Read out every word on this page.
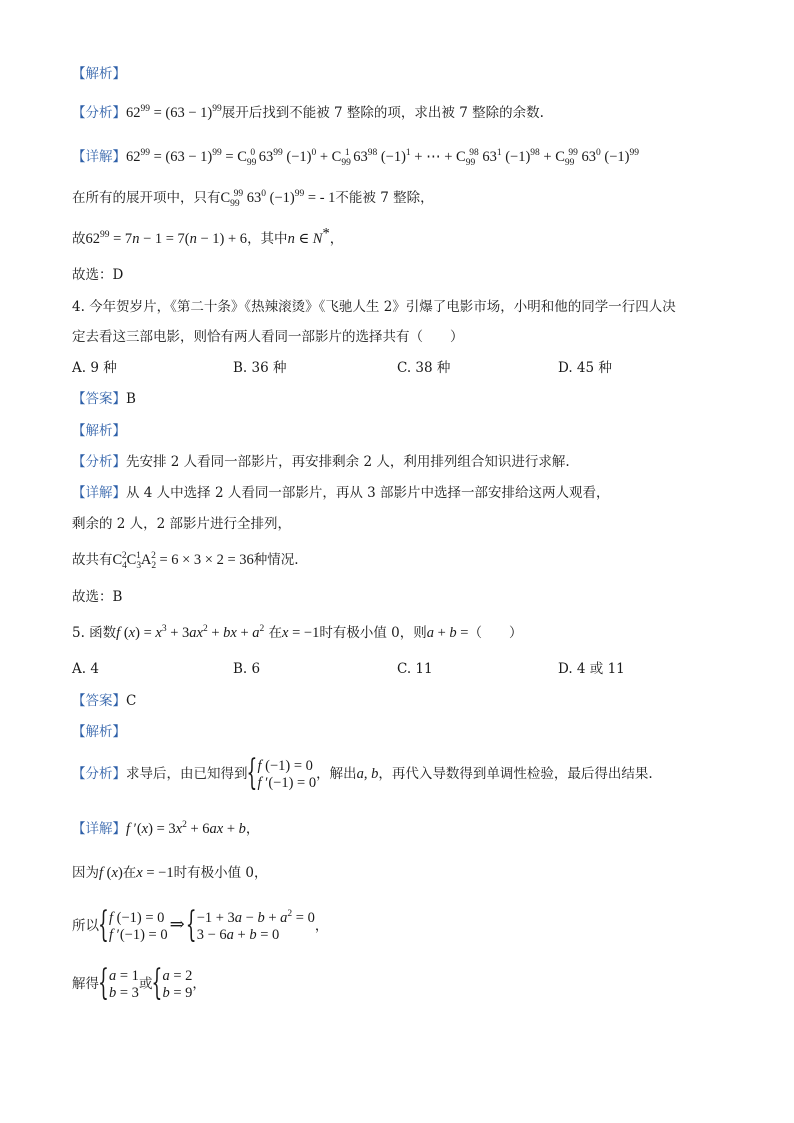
【解析】
【分析】$62^{99} = (63 - 1)^{99}$展开后找到不能被 7 整除的项，求出被 7 整除的余数.
【详解】$62^{99} = (63 - 1)^{99} = C_{99}^0$ $63^{99}$ $(-1)^0 + C_{99}^1$ $63^{98}$ $(-1)^1$ + ⋯ + $C_{99}^{98}$ $63^1$ $(-1)^{98} + C_{99}^{99}$ $63^0$ $(-1)^{99}$
在所有的展开项中，只有$C_{99}^{99}$ $63^0$ $(-1)^{99}$ = - 1不能被 7 整除，
故$62^{99} = 7n - 1 = 7(n - 1) + 6$，其中n ∈ N*，
故选：D
4. 今年贺岁片，《第二十条》《热辣滚烫》《飞驰人生 2》引爆了电影市场，小明和他的同学一行四人决
定去看这三部电影，则恰有两人看同一部影片的选择共有（　　）
A. 9 种	B. 36 种	C. 38 种	D. 45 种
【答案】B
【解析】
【分析】先安排 2 人看同一部影片，再安排剩余 2 人，利用排列组合知识进行求解.
【详解】从 4 人中选择 2 人看同一部影片，再从 3 部影片中选择一部安排给这两人观看，
剩余的 2 人，2 部影片进行全排列，
故共有$C_4^2C_3^1A_2^2 = 6 \times 3 \times 2 = 36$种情况.
故选：B
5. 函数f $(x) = x^3 + 3ax^2$ + bx + $a^2$ 在x = −1时有极小值 0，则a + b =（　　）
A. 4	B. 6	C. 11	D. 4 或 11
【答案】C
【解析】
【分析】求导后，由已知得到
{ f (−1) = 0
f ′(−1) = 0
，解出a, b，再代入导数得到单调性检验，最后得出结果.
【详解】f $'(x) = 3x^2 + 6ax + b$，
因为f (x)在x = −1时有极小值 0，
所以
{ f (−1) = 0
f ′(−1) = 0
⇒
{ $-1 + 3a - b + a^2 = 0$
3 − 6a + b = 0
，
解得
{ a = 1
b = 3
或
{ a = 2
b = 9
，
